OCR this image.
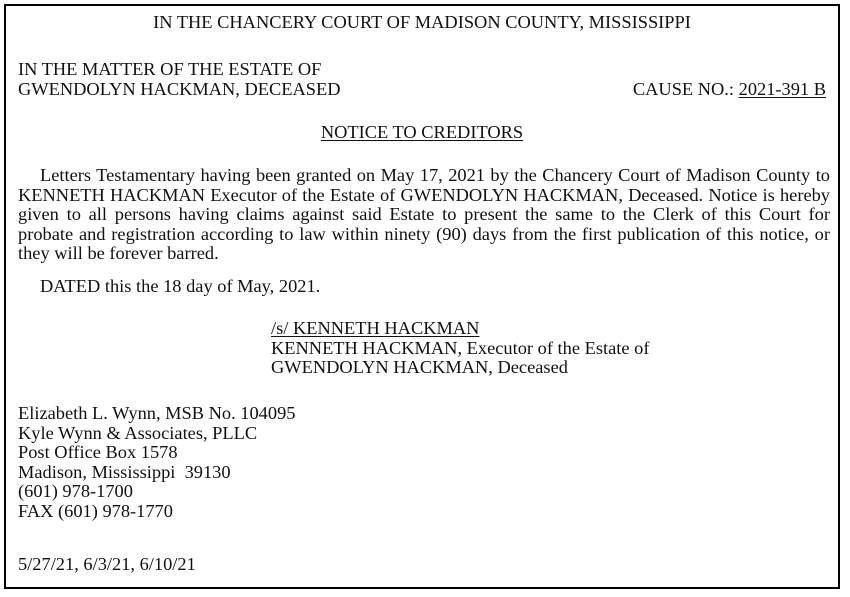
IN THE CHANCERY COURT OF MADISON COUNTY, MISSISSIPPI
IN THE MATTER OF THE ESTATE OF
GWENDOLYN HACKMAN, DECEASED	CAUSE NO.: 2021-391 B
NOTICE TO CREDITORS

Letters Testamentary having been granted on May 17, 2021 by the Chancery Court of Madison County to KENNETH HACKMAN Executor of the Estate of GWENDOLYN HACKMAN, Deceased. Notice is hereby given to all persons having claims against said Estate to present the same to the Clerk of this Court for probate and registration according to law within ninety (90) days from the first publication of this notice, or they will be forever barred.

DATED this the 18 day of May, 2021.
/s/ KENNETH HACKMAN
KENNETH HACKMAN, Executor of the Estate of
GWENDOLYN HACKMAN, Deceased
Elizabeth L. Wynn, MSB No. 104095
Kyle Wynn & Associates, PLLC
Post Office Box 1578
Madison, Mississippi  39130
(601) 978-1700
FAX (601) 978-1770
5/27/21, 6/3/21, 6/10/21
